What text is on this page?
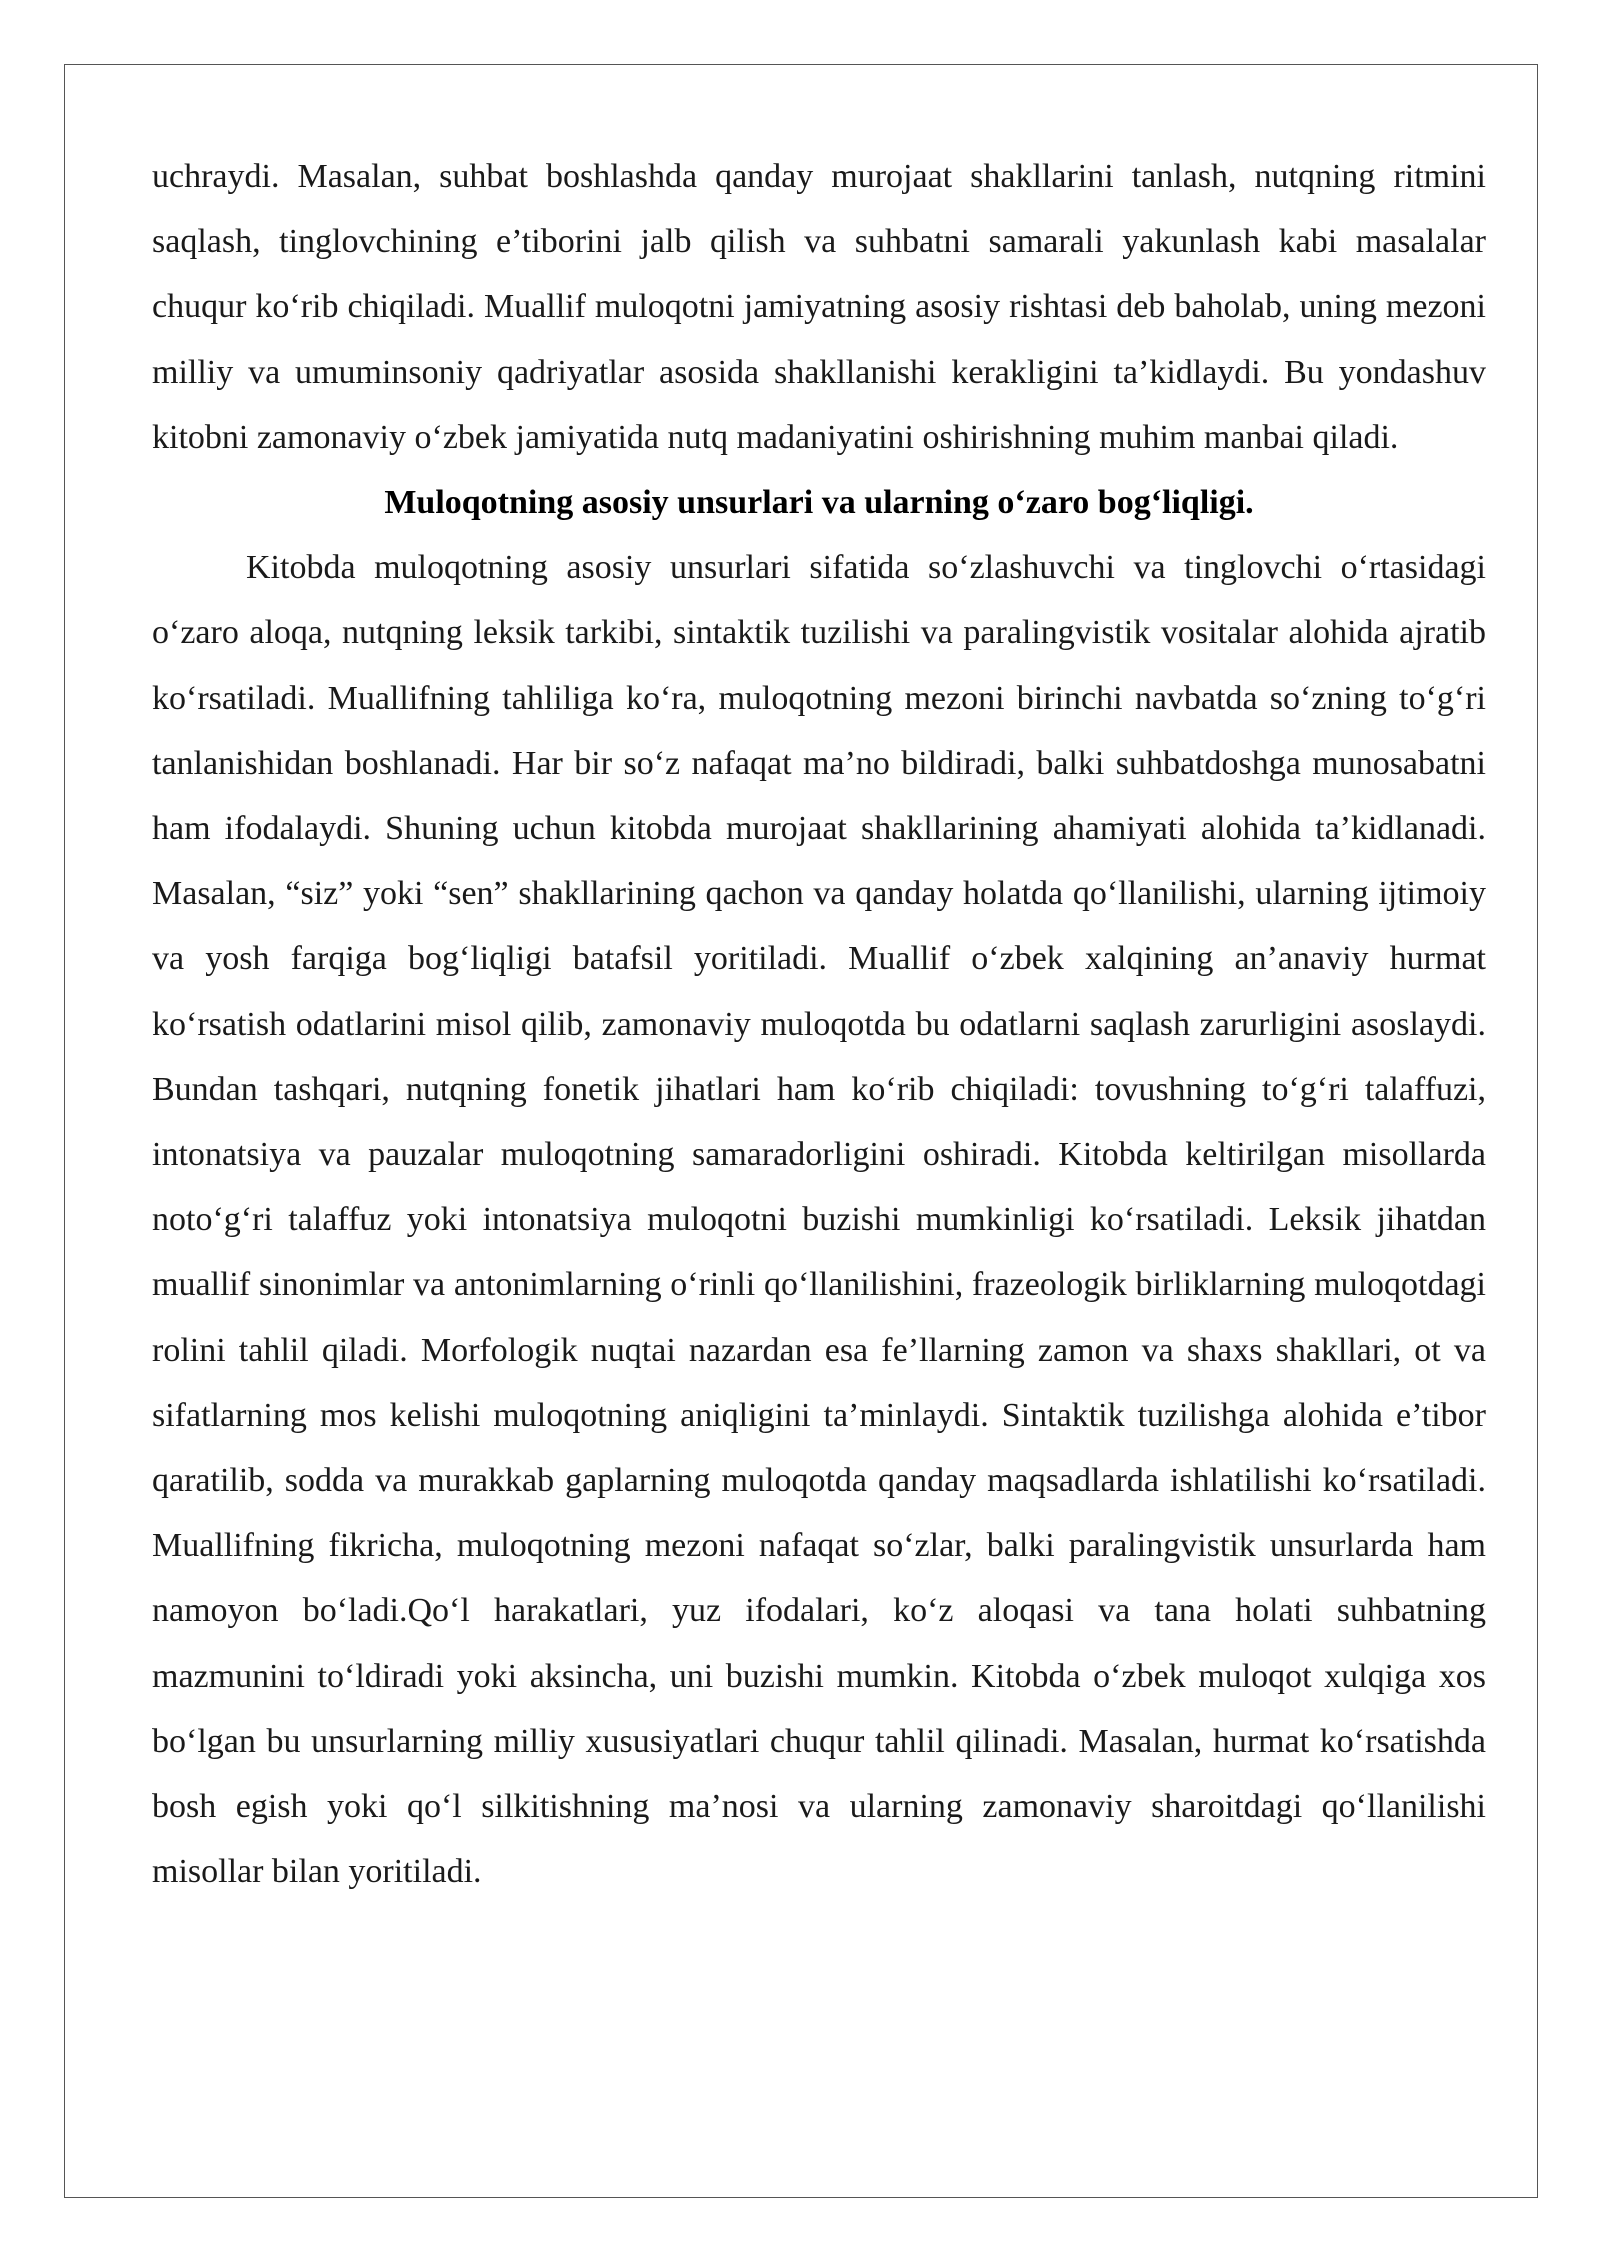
uchraydi. Masalan, suhbat boshlashda qanday murojaat shakllarini tanlash, nutqning ritmini saqlash, tinglovchining e’tiborini jalb qilish va suhbatni samarali yakunlash kabi masalalar chuqur ko‘rib chiqiladi. Muallif muloqotni jamiyatning asosiy rishtasi deb baholab, uning mezoni milliy va umuminsoniy qadriyatlar asosida shakllanishi kerakligini ta’kidlaydi. Bu yondashuv kitobni zamonaviy o‘zbek jamiyatida nutq madaniyatini oshirishning muhim manbai qiladi.

Muloqotning asosiy unsurlari va ularning o‘zaro bog‘liqligi.

Kitobda muloqotning asosiy unsurlari sifatida so‘zlashuvchi va tinglovchi o‘rtasidagi o‘zaro aloqa, nutqning leksik tarkibi, sintaktik tuzilishi va paralingvistik vositalar alohida ajratib ko‘rsatiladi. Muallifning tahliliga ko‘ra, muloqotning mezoni birinchi navbatda so‘zning to‘g‘ri tanlanishidan boshlanadi. Har bir so‘z nafaqat ma’no bildiradi, balki suhbatdoshga munosabatni ham ifodalaydi. Shuning uchun kitobda murojaat shakllarining ahamiyati alohida ta’kidlanadi. Masalan, “siz” yoki “sen” shakllarining qachon va qanday holatda qo‘llanilishi, ularning ijtimoiy va yosh farqiga bog‘liqligi batafsil yoritiladi. Muallif o‘zbek xalqining an’anaviy hurmat ko‘rsatish odatlarini misol qilib, zamonaviy muloqotda bu odatlarni saqlash zarurligini asoslaydi. Bundan tashqari, nutqning fonetik jihatlari ham ko‘rib chiqiladi: tovushning to‘g‘ri talaffuzi, intonatsiya va pauzalar muloqotning samaradorligini oshiradi. Kitobda keltirilgan misollarda noto‘g‘ri talaffuz yoki intonatsiya muloqotni buzishi mumkinligi ko‘rsatiladi. Leksik jihatdan muallif sinonimlar va antonimlarning o‘rinli qo‘llanilishini, frazeologik birliklarning muloqotdagi rolini tahlil qiladi. Morfologik nuqtai nazardan esa fe’llarning zamon va shaxs shakllari, ot va sifatlarning mos kelishi muloqotning aniqligini ta’minlaydi. Sintaktik tuzilishga alohida e’tibor qaratilib, sodda va murakkab gaplarning muloqotda qanday maqsadlarda ishlatilishi ko‘rsatiladi. Muallifning fikricha, muloqotning mezoni nafaqat so‘zlar, balki paralingvistik unsurlarda ham namoyon bo‘ladi.Qo‘l harakatlari, yuz ifodalari, ko‘z aloqasi va tana holati suhbatning mazmunini to‘ldiradi yoki aksincha, uni buzishi mumkin. Kitobda o‘zbek muloqot xulqiga xos bo‘lgan bu unsurlarning milliy xususiyatlari chuqur tahlil qilinadi. Masalan, hurmat ko‘rsatishda bosh egish yoki qo‘l silkitishning ma’nosi va ularning zamonaviy sharoitdagi qo‘llanilishi misollar bilan yoritiladi.
